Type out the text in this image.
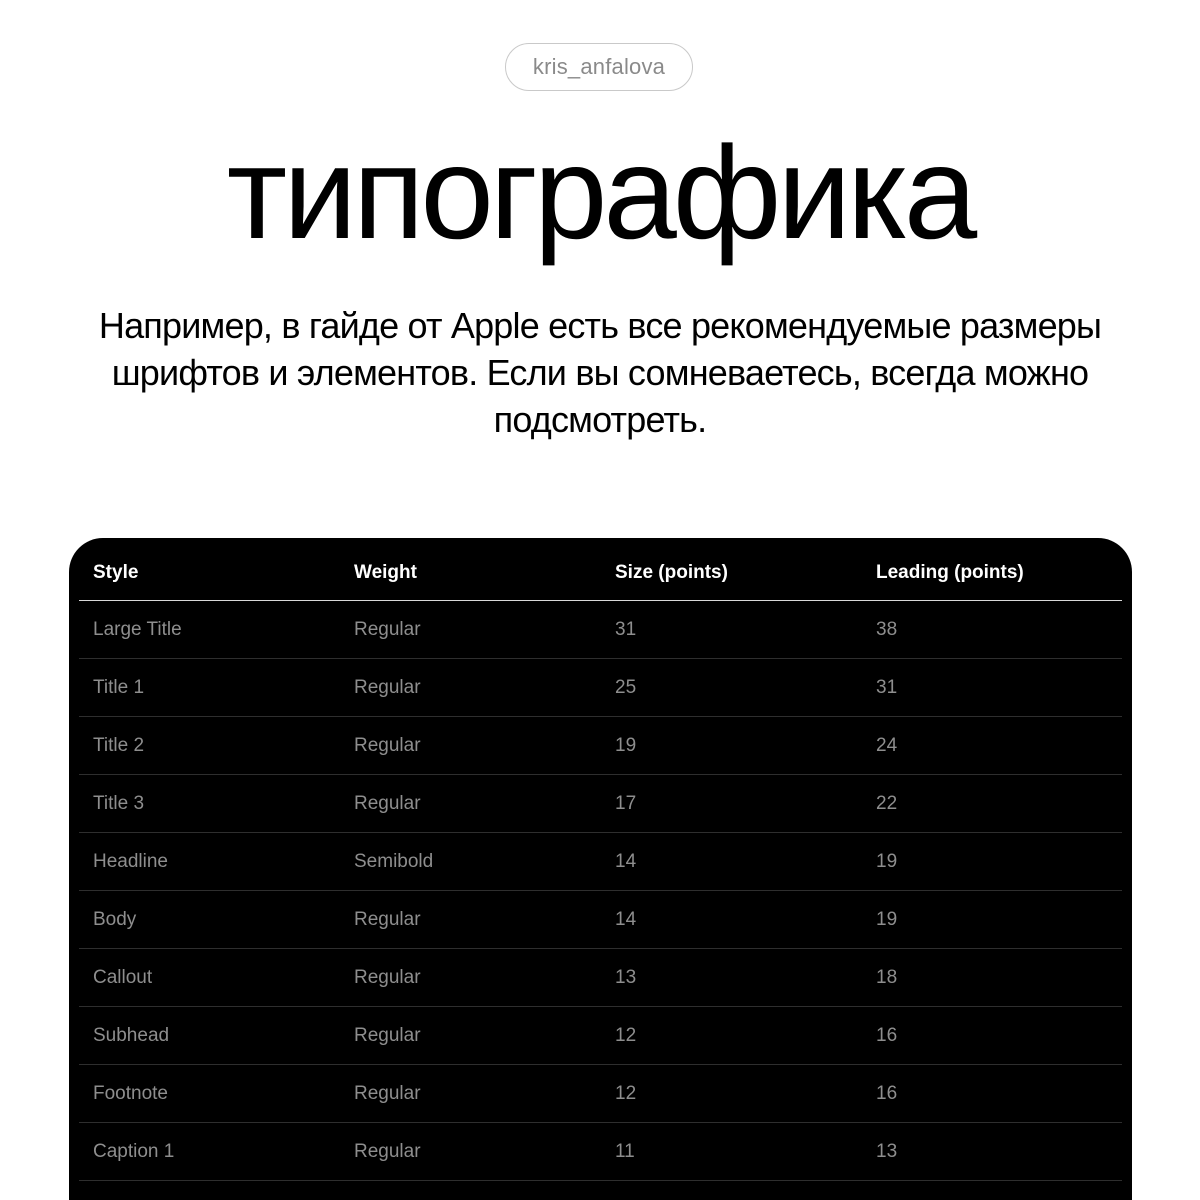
kris_anfalova
типографика

Например, в гайде от Apple есть все рекомендуемые размеры шрифтов и элементов. Если вы сомневаетесь, всегда можно подсмотреть.

Style	Weight	Size (points)	Leading (points)
Large Title	Regular	31	38
Title 1	Regular	25	31
Title 2	Regular	19	24
Title 3	Regular	17	22
Headline	Semibold	14	19
Body	Regular	14	19
Callout	Regular	13	18
Subhead	Regular	12	16
Footnote	Regular	12	16
Caption 1	Regular	11	13
